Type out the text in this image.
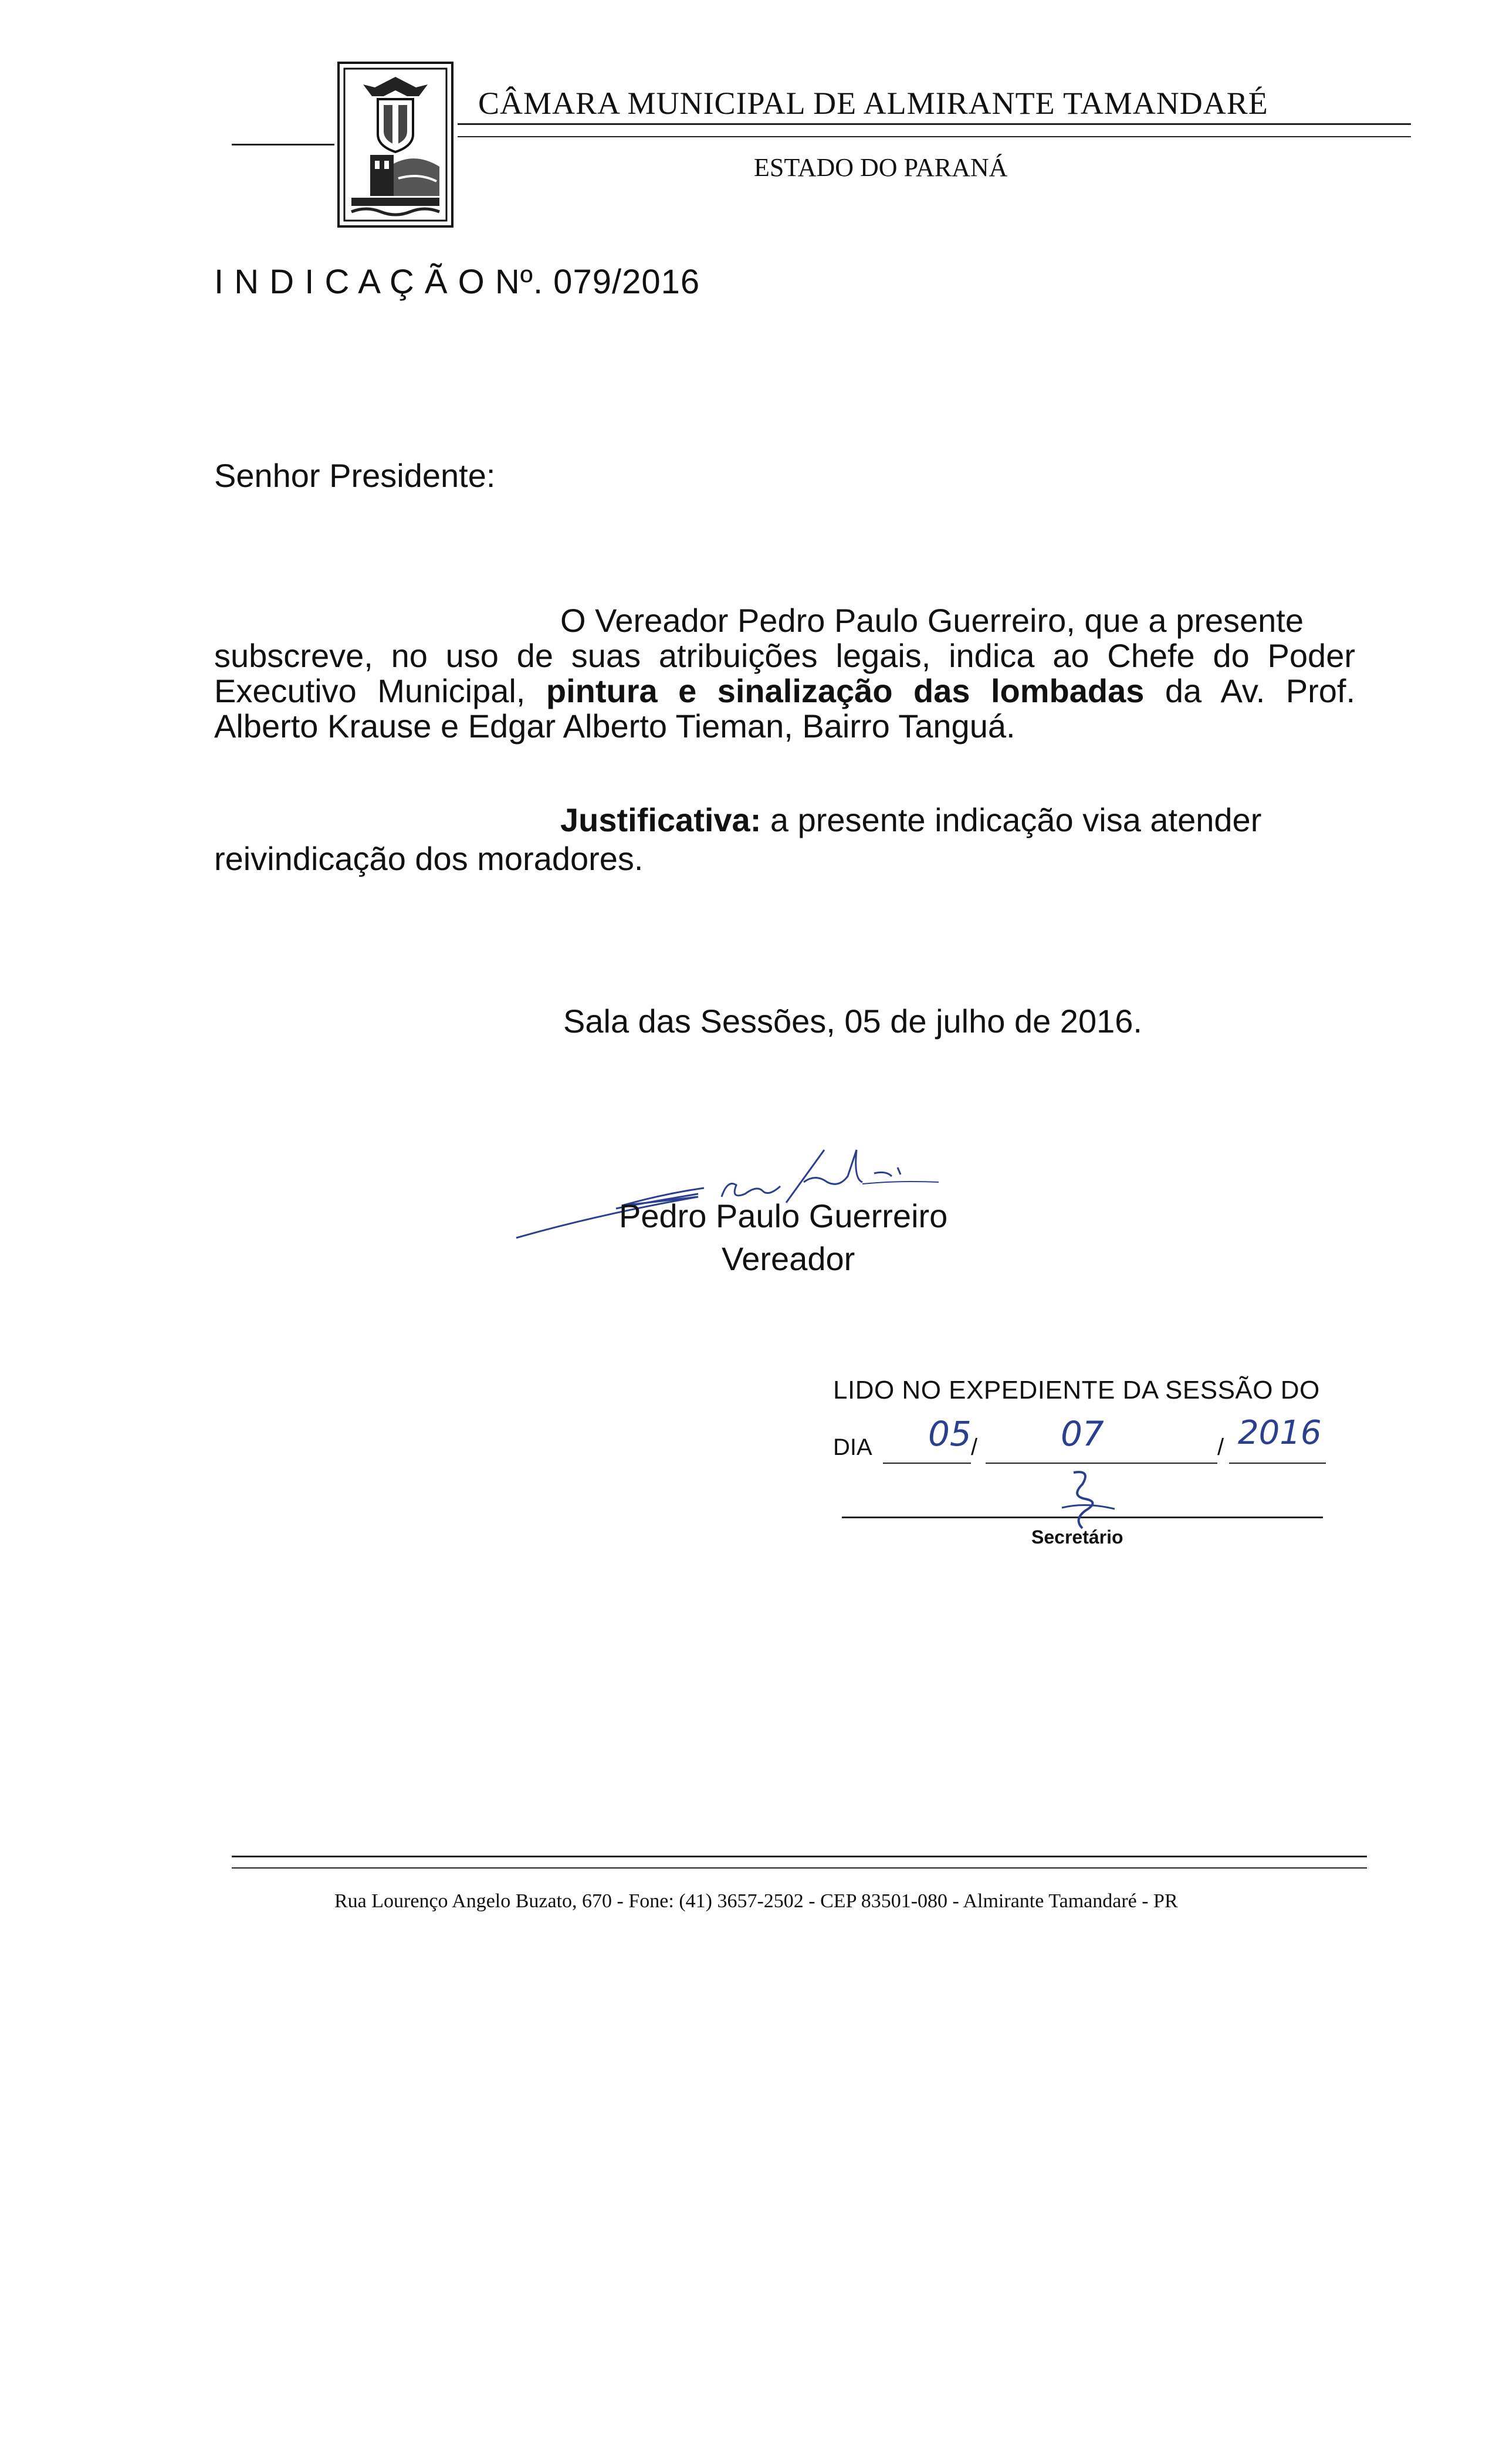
CÂMARA MUNICIPAL DE ALMIRANTE TAMANDARÉ
ESTADO DO PARANÁ
I N D I C A Ç Ã O Nº. 079/2016
Senhor Presidente:
O Vereador Pedro Paulo Guerreiro, que a presente
subscreve, no uso de suas atribuições legais, indica ao Chefe do Poder Executivo Municipal, pintura e sinalização das lombadas da Av. Prof. Alberto Krause e Edgar Alberto Tieman, Bairro Tanguá.
Justificativa: a presente indicação visa atender
reivindicação dos moradores.
Sala das Sessões, 05 de julho de 2016.
Pedro Paulo Guerreiro
Vereador
LIDO NO EXPEDIENTE DA SESSÃO DO
DIA 05 / 07	/ 2016
Secretário
Rua Lourenço Angelo Buzato, 670 - Fone: (41) 3657-2502 - CEP 83501-080 - Almirante Tamandaré - PR
